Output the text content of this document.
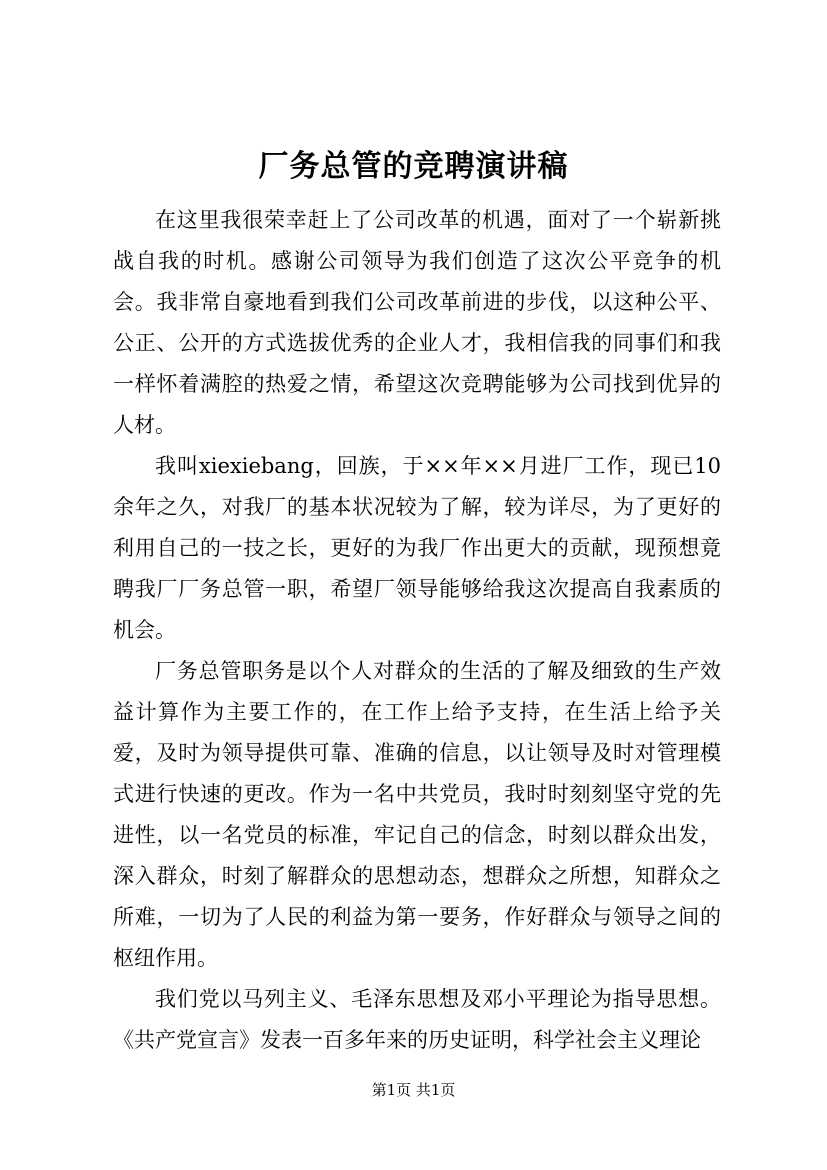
厂务总管的竞聘演讲稿

在这里我很荣幸赶上了公司改革的机遇，面对了一个崭新挑战自我的时机。感谢公司领导为我们创造了这次公平竞争的机会。我非常自豪地看到我们公司改革前进的步伐，以这种公平、公正、公开的方式选拔优秀的企业人才，我相信我的同事们和我一样怀着满腔的热爱之情，希望这次竞聘能够为公司找到优异的人材。

我叫xiexiebang，回族，于××年××月进厂工作，现已10余年之久，对我厂的基本状况较为了解，较为详尽，为了更好的利用自己的一技之长，更好的为我厂作出更大的贡献，现预想竟聘我厂厂务总管一职，希望厂领导能够给我这次提高自我素质的机会。

厂务总管职务是以个人对群众的生活的了解及细致的生产效益计算作为主要工作的，在工作上给予支持，在生活上给予关爱，及时为领导提供可靠、准确的信息，以让领导及时对管理模式进行快速的更改。作为一名中共党员，我时时刻刻坚守党的先进性，以一名党员的标准，牢记自己的信念，时刻以群众出发，深入群众，时刻了解群众的思想动态，想群众之所想，知群众之所难，一切为了人民的利益为第一要务，作好群众与领导之间的枢纽作用。

我们党以马列主义、毛泽东思想及邓小平理论为指导思想。《共产党宣言》发表一百多年来的历史证明，科学社会主义理论

第1页 共1页
